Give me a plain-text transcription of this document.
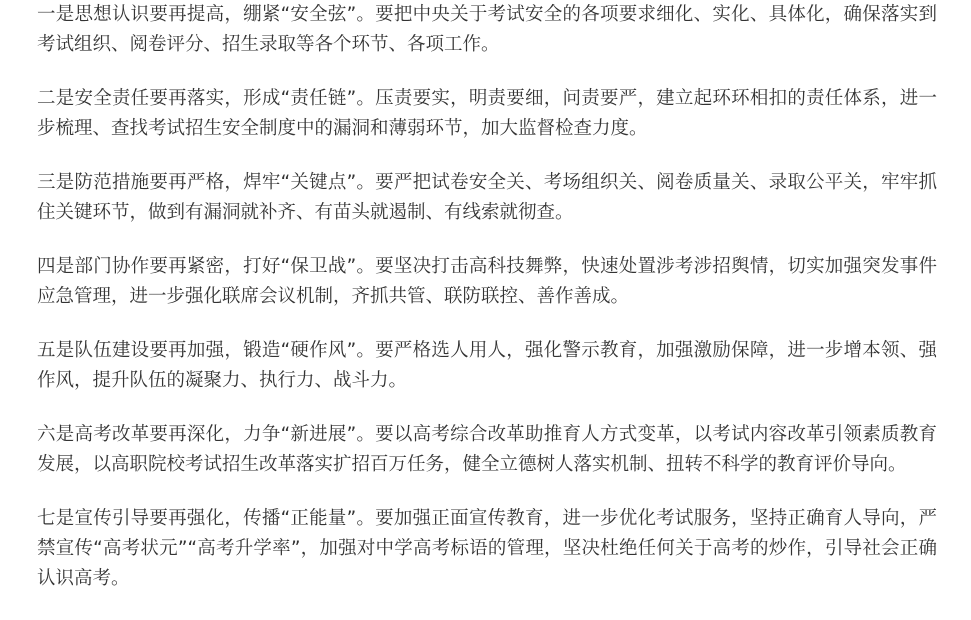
一是思想认识要再提高，绷紧“安全弦”。要把中央关于考试安全的各项要求细化、实化、具体化，确保落实到考试组织、阅卷评分、招生录取等各个环节、各项工作。

二是安全责任要再落实，形成“责任链”。压责要实，明责要细，问责要严，建立起环环相扣的责任体系，进一步梳理、查找考试招生安全制度中的漏洞和薄弱环节，加大监督检查力度。

三是防范措施要再严格，焊牢“关键点”。要严把试卷安全关、考场组织关、阅卷质量关、录取公平关，牢牢抓住关键环节，做到有漏洞就补齐、有苗头就遏制、有线索就彻查。

四是部门协作要再紧密，打好“保卫战”。要坚决打击高科技舞弊，快速处置涉考涉招舆情，切实加强突发事件应急管理，进一步强化联席会议机制，齐抓共管、联防联控、善作善成。

五是队伍建设要再加强，锻造“硬作风”。要严格选人用人，强化警示教育，加强激励保障，进一步增本领、强作风，提升队伍的凝聚力、执行力、战斗力。

六是高考改革要再深化，力争“新进展”。要以高考综合改革助推育人方式变革，以考试内容改革引领素质教育发展，以高职院校考试招生改革落实扩招百万任务，健全立德树人落实机制、扭转不科学的教育评价导向。

七是宣传引导要再强化，传播“正能量”。要加强正面宣传教育，进一步优化考试服务，坚持正确育人导向，严禁宣传“高考状元”“高考升学率”，加强对中学高考标语的管理，坚决杜绝任何关于高考的炒作，引导社会正确认识高考。
